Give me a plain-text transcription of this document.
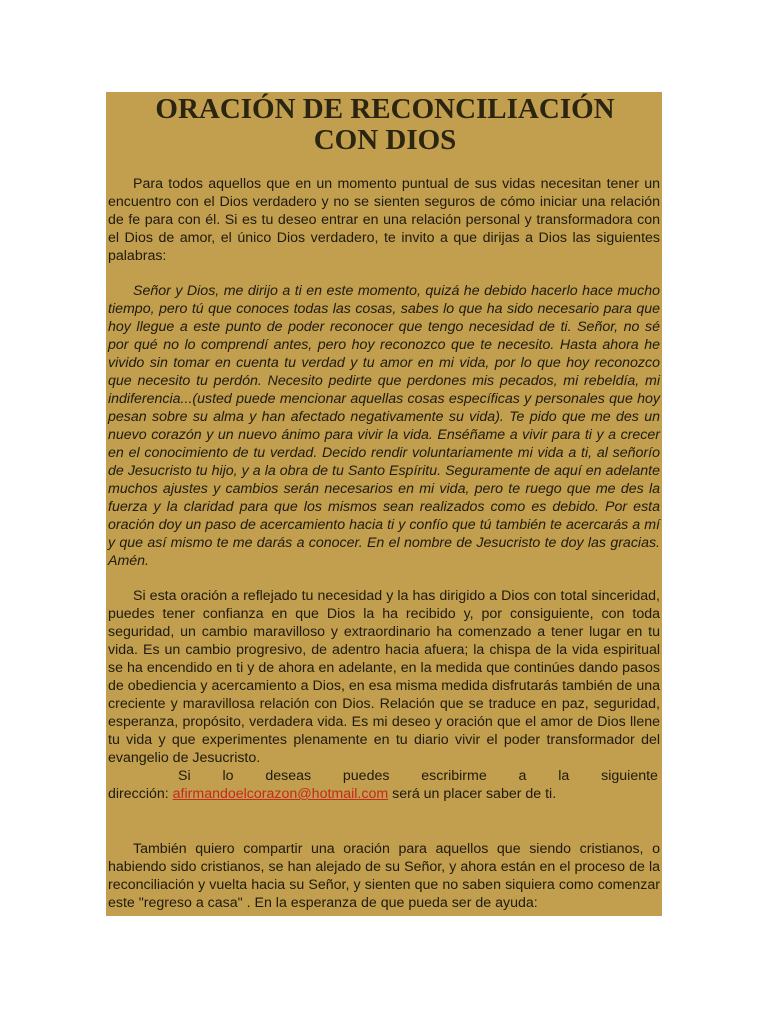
ORACIÓN DE RECONCILIACIÓN
CON DIOS

Para todos aquellos que en un momento puntual de sus vidas necesitan tener un encuentro con el Dios verdadero y no se sienten seguros de cómo iniciar una relación de fe para con él. Si es tu deseo entrar en una relación personal y transformadora con el Dios de amor, el único Dios verdadero, te invito a que dirijas a Dios las siguientes palabras:

Señor y Dios, me dirijo a ti en este momento, quizá he debido hacerlo hace mucho tiempo, pero tú que conoces todas las cosas, sabes lo que ha sido necesario para que hoy llegue a este punto de poder reconocer que tengo necesidad de ti. Señor, no sé por qué no lo comprendí antes, pero hoy reconozco que te necesito. Hasta ahora he vivido sin tomar en cuenta tu verdad y tu amor en mi vida, por lo que hoy reconozco que necesito tu perdón. Necesito pedirte que perdones mis pecados, mi rebeldía, mi indiferencia...(usted puede mencionar aquellas cosas específicas y personales que hoy pesan sobre su alma y han afectado negativamente su vida). Te pido que me des un nuevo corazón y un nuevo ánimo para vivir la vida. Enséñame a vivir para ti y a crecer en el conocimiento de tu verdad. Decido rendir voluntariamente mi vida a ti, al señorío de Jesucristo tu hijo, y a la obra de tu Santo Espíritu. Seguramente de aquí en adelante muchos ajustes y cambios serán necesarios en mi vida, pero te ruego que me des la fuerza y la claridad para que los mismos sean realizados como es debido. Por esta oración doy un paso de acercamiento hacia ti y confío que tú también te acercarás a mí y que así mismo te me darás a conocer. En el nombre de Jesucristo te doy las gracias. Amén.

Si esta oración a reflejado tu necesidad y la has dirigido a Dios con total sinceridad, puedes tener confianza en que Dios la ha recibido y, por consiguiente, con toda seguridad, un cambio maravilloso y extraordinario ha comenzado a tener lugar en tu vida. Es un cambio progresivo, de adentro hacia afuera; la chispa de la vida espiritual se ha encendido en ti y de ahora en adelante, en la medida que continúes dando pasos de obediencia y acercamiento a Dios, en esa misma medida disfrutarás también de una creciente y maravillosa relación con Dios. Relación que se traduce en paz, seguridad, esperanza, propósito, verdadera vida. Es mi deseo y oración que el amor de Dios llene tu vida y que experimentes plenamente en tu diario vivir el poder transformador del evangelio de Jesucristo.

Si lo deseas puedes escribirme a la siguiente

dirección: afirmandoelcorazon@hotmail.com será un placer saber de ti.

También quiero compartir una oración para aquellos que siendo cristianos, o habiendo sido cristianos, se han alejado de su Señor, y ahora están en el proceso de la reconciliación y vuelta hacia su Señor, y sienten que no saben siquiera como comenzar este "regreso a casa" . En la esperanza de que pueda ser de ayuda:
